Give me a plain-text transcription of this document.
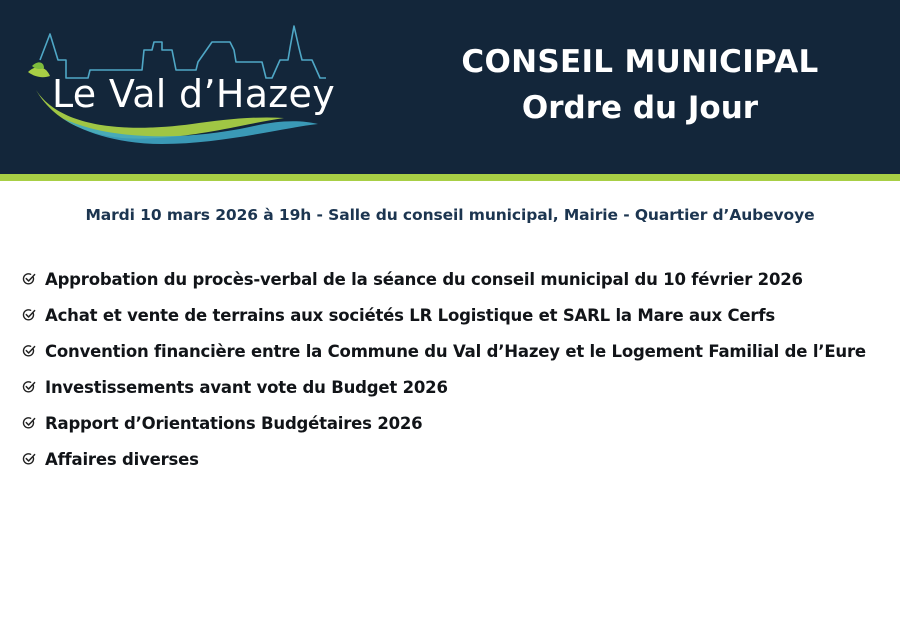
Le Val d’Hazey
CONSEIL MUNICIPAL
Ordre du Jour
Mardi 10 mars 2026 à 19h - Salle du conseil municipal, Mairie - Quartier d’Aubevoye
Approbation du procès-verbal de la séance du conseil municipal du 10 février 2026
Achat et vente de terrains aux sociétés LR Logistique et SARL la Mare aux Cerfs
Convention financière entre la Commune du Val d’Hazey et le Logement Familial de l’Eure
Investissements avant vote du Budget 2026
Rapport d’Orientations Budgétaires 2026
Affaires diverses
